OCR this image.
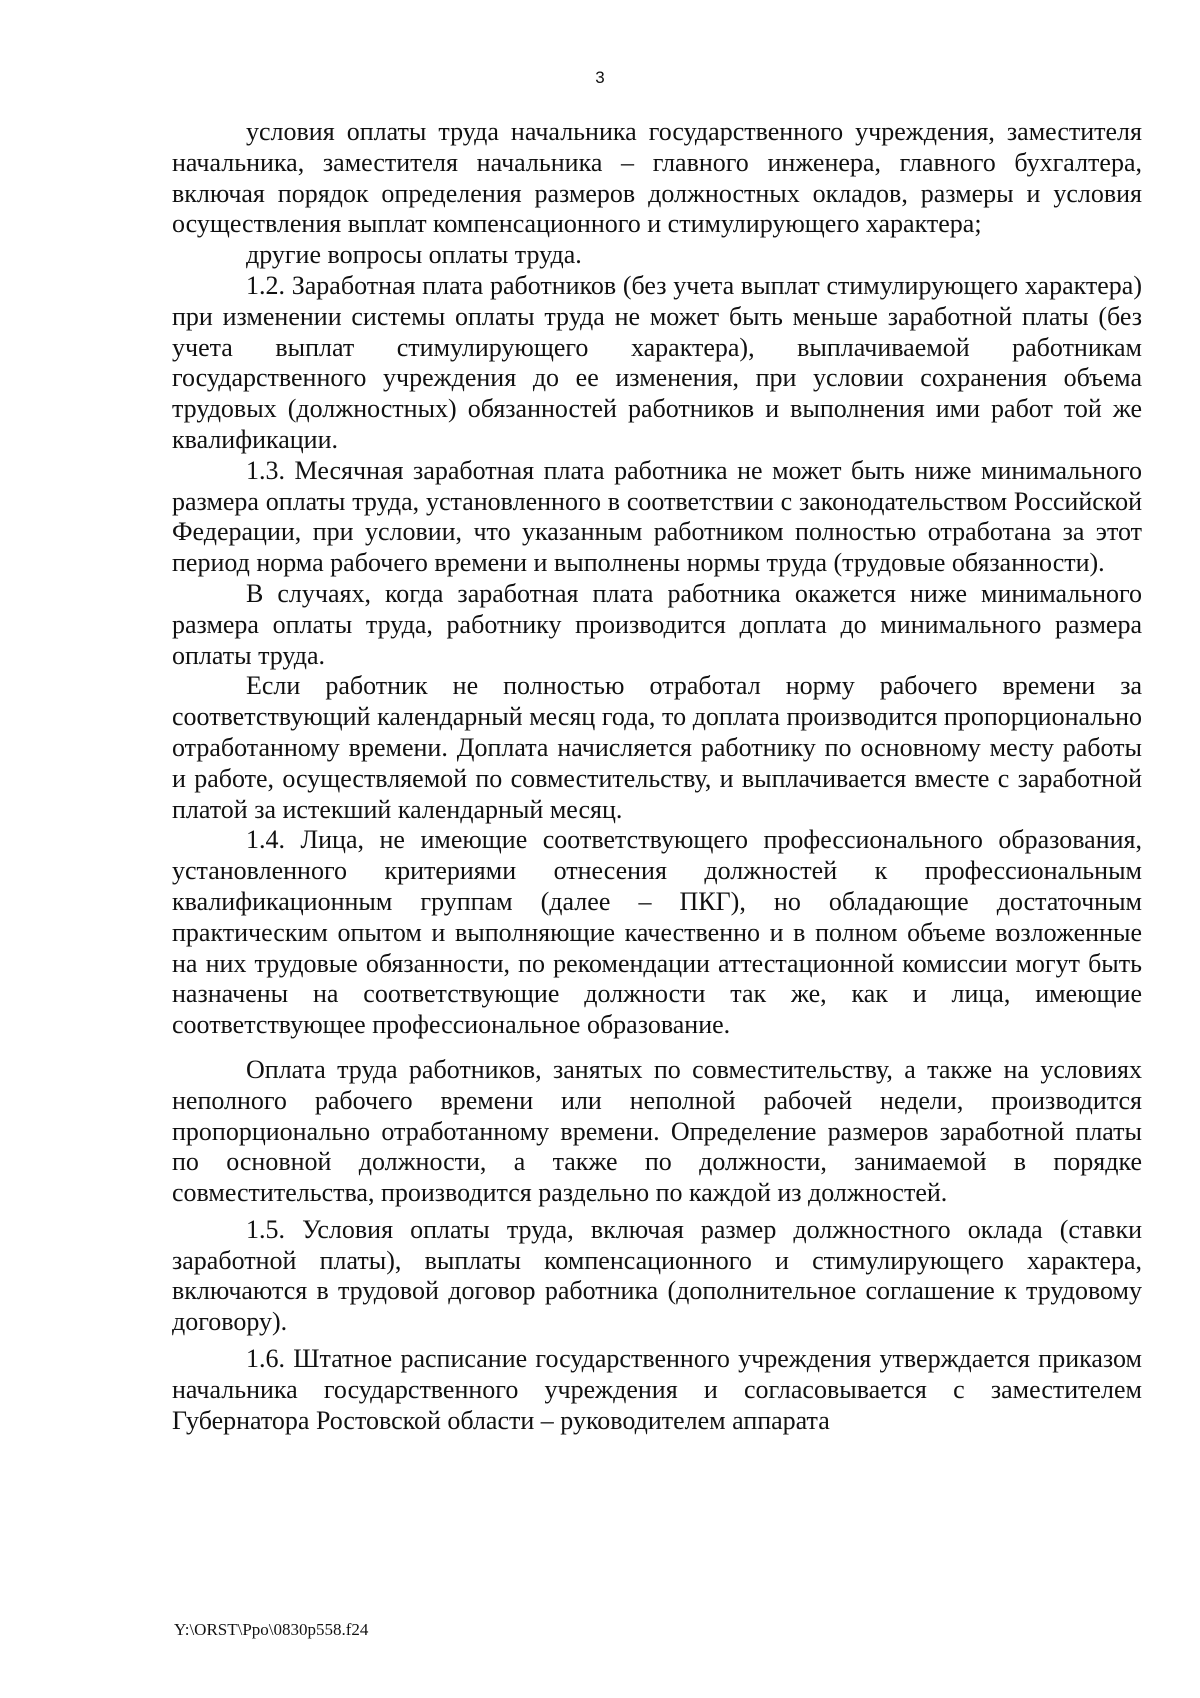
3

условия оплаты труда начальника государственного учреждения, заместителя начальника, заместителя начальника – главного инженера, главного бухгалтера, включая порядок определения размеров должностных окладов, размеры и условия осуществления выплат компенсационного и стимулирующего характера;

другие вопросы оплаты труда.

1.2. Заработная плата работников (без учета выплат стимулирующего характера) при изменении системы оплаты труда не может быть меньше заработной платы (без учета выплат стимулирующего характера), выплачиваемой работникам государственного учреждения до ее изменения, при условии сохранения объема трудовых (должностных) обязанностей работников и выполнения ими работ той же квалификации.

1.3. Месячная заработная плата работника не может быть ниже минимального размера оплаты труда, установленного в соответствии с законодательством Российской Федерации, при условии, что указанным работником полностью отработана за этот период норма рабочего времени и выполнены нормы труда (трудовые обязанности).

В случаях, когда заработная плата работника окажется ниже минимального размера оплаты труда, работнику производится доплата до минимального размера оплаты труда.

Если работник не полностью отработал норму рабочего времени за соответствующий календарный месяц года, то доплата производится пропорционально отработанному времени. Доплата начисляется работнику по основному месту работы и работе, осуществляемой по совместительству, и выплачивается вместе с заработной платой за истекший календарный месяц.

1.4. Лица, не имеющие соответствующего профессионального образования, установленного критериями отнесения должностей к профессиональным квалификационным группам (далее – ПКГ), но обладающие достаточным практическим опытом и выполняющие качественно и в полном объеме возложенные на них трудовые обязанности, по рекомендации аттестационной комиссии могут быть назначены на соответствующие должности так же, как и лица, имеющие соответствующее профессиональное образование.

Оплата труда работников, занятых по совместительству, а также на условиях неполного рабочего времени или неполной рабочей недели, производится пропорционально отработанному времени. Определение размеров заработной платы по основной должности, а также по должности, занимаемой в порядке совместительства, производится раздельно по каждой из должностей.

1.5. Условия оплаты труда, включая размер должностного оклада (ставки заработной платы), выплаты компенсационного и стимулирующего характера, включаются в трудовой договор работника (дополнительное соглашение к трудовому договору).

1.6. Штатное расписание государственного учреждения утверждается приказом начальника государственного учреждения и согласовывается с заместителем Губернатора Ростовской области – руководителем аппарата

Y:\ORST\Ppo\0830p558.f24
